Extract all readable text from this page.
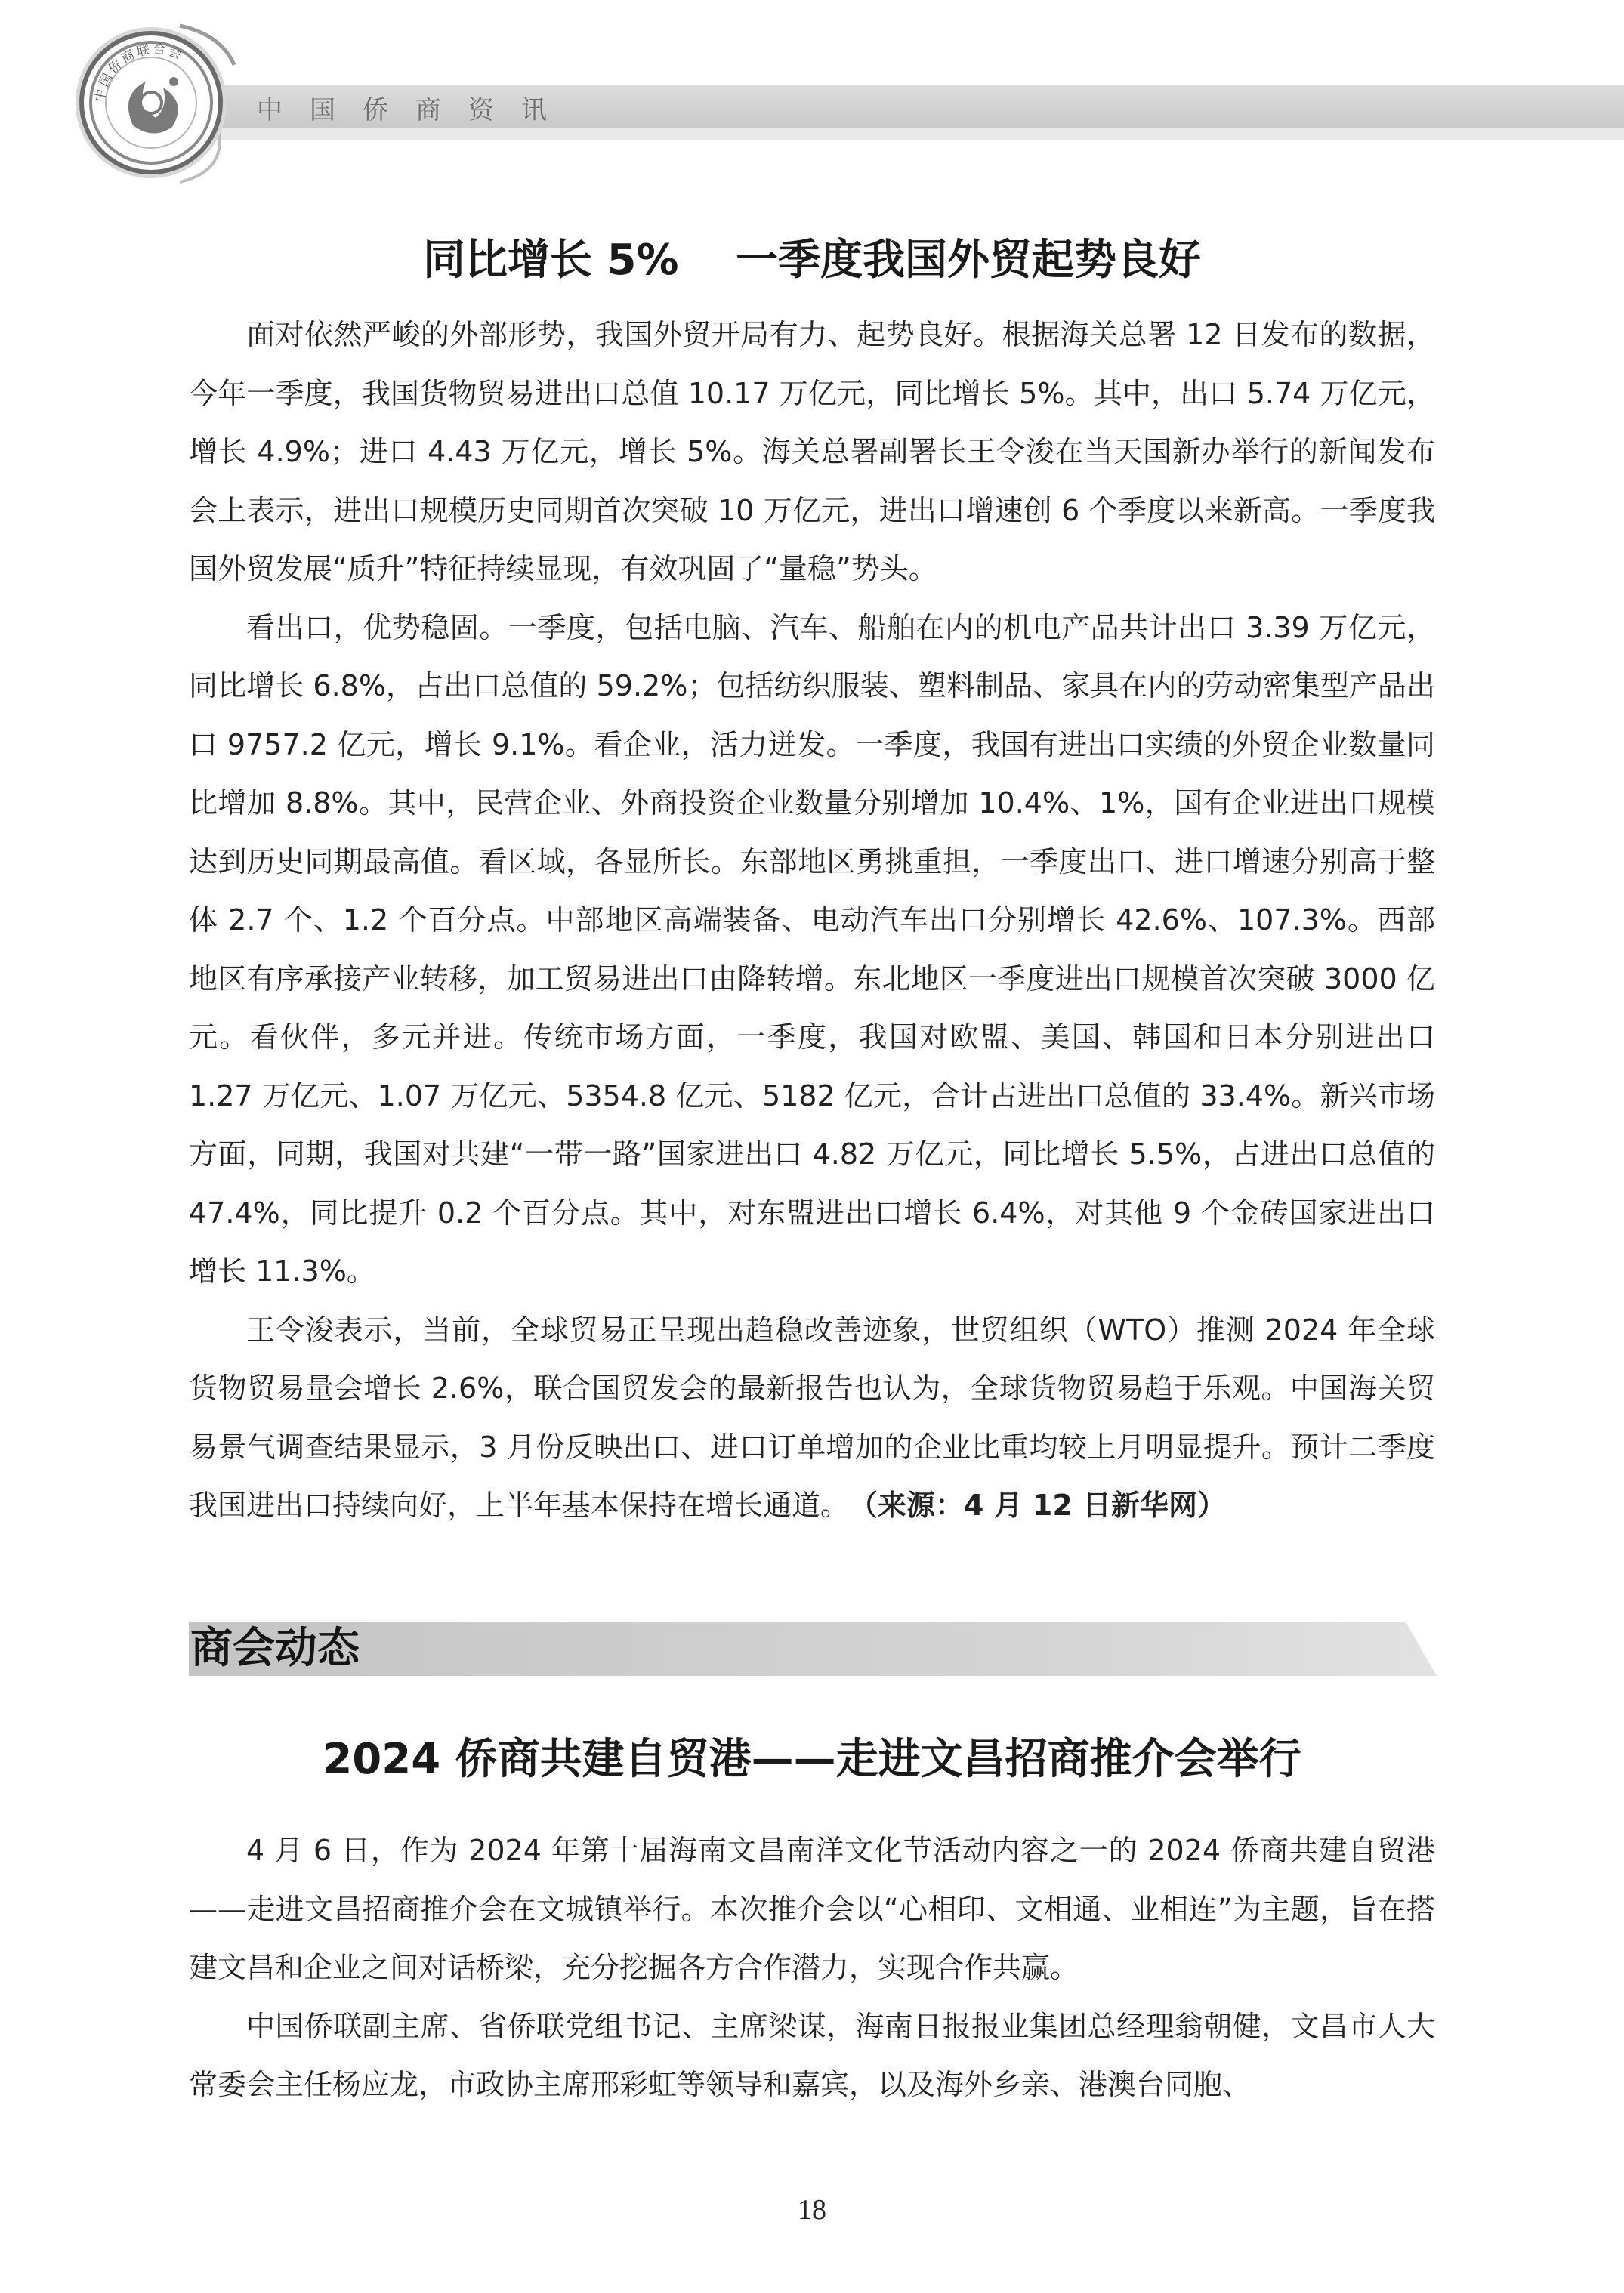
中国侨商联合会
中国侨商资讯
同比增长 5%　 一季度我国外贸起势良好

面对依然严峻的外部形势，我国外贸开局有力、起势良好。根据海关总署 12 日发布的数据，今年一季度，我国货物贸易进出口总值 10.17 万亿元，同比增长 5%。其中，出口 5.74 万亿元，增长 4.9%；进口 4.43 万亿元，增长 5%。海关总署副署长王令浚在当天国新办举行的新闻发布会上表示，进出口规模历史同期首次突破 10 万亿元，进出口增速创 6 个季度以来新高。一季度我国外贸发展“质升”特征持续显现，有效巩固了“量稳”势头。

看出口，优势稳固。一季度，包括电脑、汽车、船舶在内的机电产品共计出口 3.39 万亿元，同比增长 6.8%，占出口总值的 59.2%；包括纺织服装、塑料制品、家具在内的劳动密集型产品出口 9757.2 亿元，增长 9.1%。看企业，活力迸发。一季度，我国有进出口实绩的外贸企业数量同比增加 8.8%。其中，民营企业、外商投资企业数量分别增加 10.4%、1%，国有企业进出口规模达到历史同期最高值。看区域，各显所长。东部地区勇挑重担，一季度出口、进口增速分别高于整体 2.7 个、1.2 个百分点。中部地区高端装备、电动汽车出口分别增长 42.6%、107.3%。西部地区有序承接产业转移，加工贸易进出口由降转增。东北地区一季度进出口规模首次突破 3000 亿元。看伙伴，多元并进。传统市场方面，一季度，我国对欧盟、美国、韩国和日本分别进出口 1.27 万亿元、1.07 万亿元、5354.8 亿元、5182 亿元，合计占进出口总值的 33.4%。新兴市场方面，同期，我国对共建“一带一路”国家进出口 4.82 万亿元，同比增长 5.5%，占进出口总值的 47.4%，同比提升 0.2 个百分点。其中，对东盟进出口增长 6.4%，对其他 9 个金砖国家进出口增长 11.3%。

王令浚表示，当前，全球贸易正呈现出趋稳改善迹象，世贸组织（WTO）推测 2024 年全球货物贸易量会增长 2.6%，联合国贸发会的最新报告也认为，全球货物贸易趋于乐观。中国海关贸易景气调查结果显示，3 月份反映出口、进口订单增加的企业比重均较上月明显提升。预计二季度我国进出口持续向好，上半年基本保持在增长通道。　 （来源：4 月 12 日新华网）

商会动态
2024 侨商共建自贸港——走进文昌招商推介会举行

4 月 6 日，作为 2024 年第十届海南文昌南洋文化节活动内容之一的 2024 侨商共建自贸港——走进文昌招商推介会在文城镇举行。本次推介会以“心相印、文相通、业相连”为主题，旨在搭建文昌和企业之间对话桥梁，充分挖掘各方合作潜力，实现合作共赢。

中国侨联副主席、省侨联党组书记、主席梁谋，海南日报报业集团总经理翁朝健，文昌市人大常委会主任杨应龙，市政协主席邢彩虹等领导和嘉宾，以及海外乡亲、港澳台同胞、

18
